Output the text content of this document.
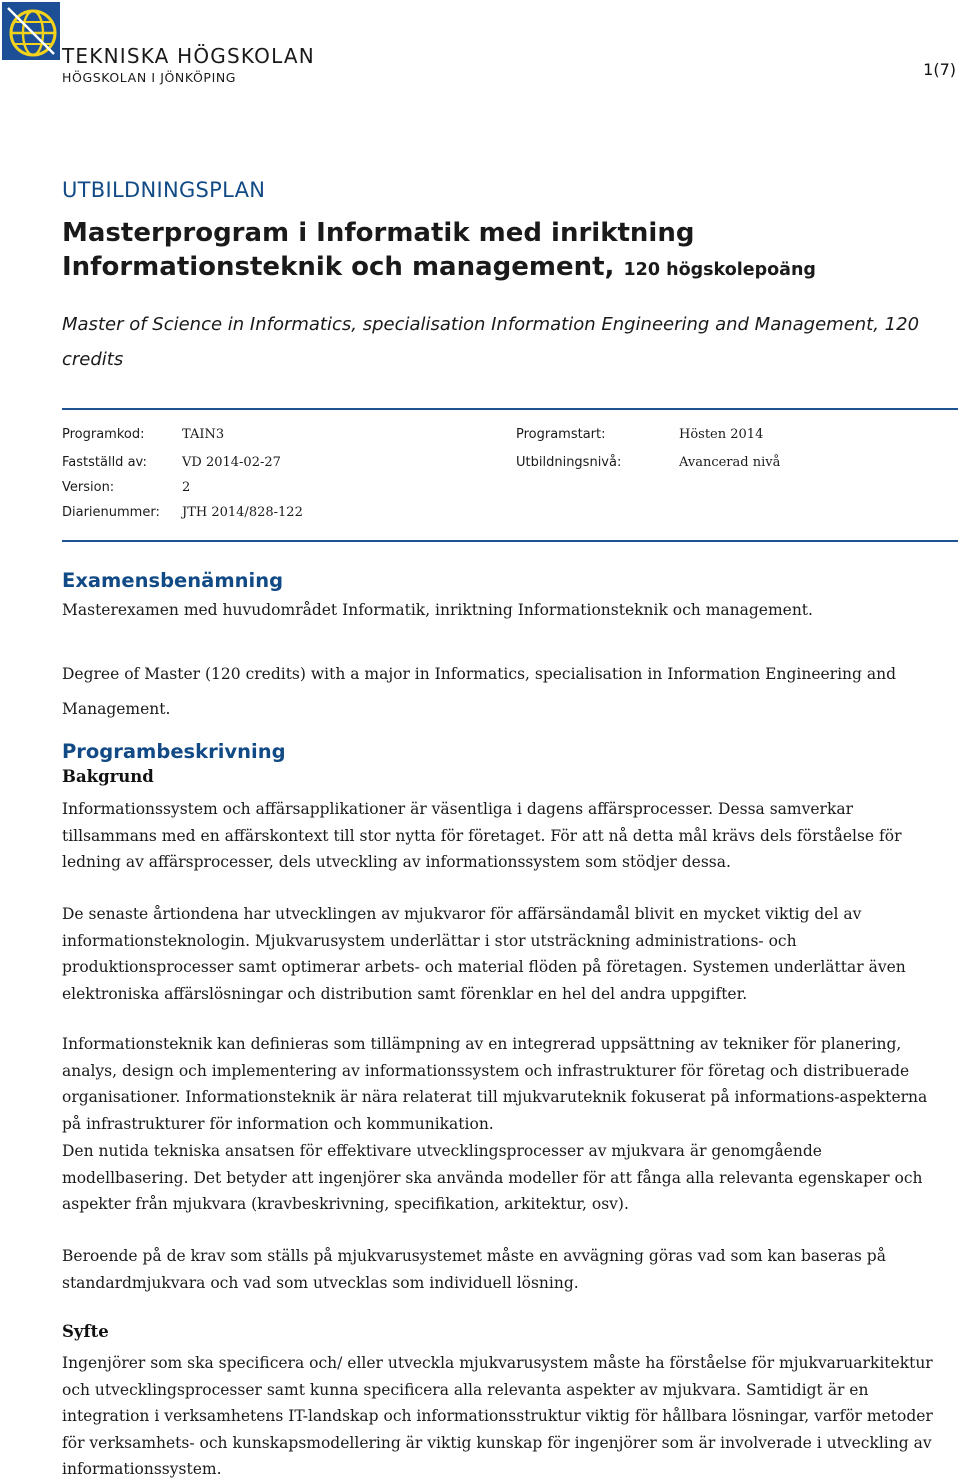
TEKNISKA HÖGSKOLAN
HÖGSKOLAN I JÖNKÖPING	1(7)
UTBILDNINGSPLAN
Masterprogram i Informatik med inriktning
Informationsteknik och management, 120 högskolepoäng
Master of Science in Informatics, specialisation Information Engineering and Management, 120 credits
Programkod:	TAIN3
Fastställd av:	VD 2014-02-27
Version:	2
Diarienummer: JTH 2014/828-122
Programstart:	Hösten 2014
Utbildningsnivå:	Avancerad nivå
Examensbenämning

Masterexamen med huvudområdet Informatik, inriktning Informationsteknik och management.

Degree of Master (120 credits) with a major in Informatics, specialisation in Information Engineering and Management.

Programbeskrivning
Bakgrund

Informationssystem och affärsapplikationer är väsentliga i dagens affärsprocesser. Dessa samverkar tillsammans med en affärskontext till stor nytta för företaget. För att nå detta mål krävs dels förståelse för ledning av affärsprocesser, dels utveckling av informationssystem som stödjer dessa.

De senaste årtiondena har utvecklingen av mjukvaror för affärsändamål blivit en mycket viktig del av informationsteknologin. Mjukvarusystem underlättar i stor utsträckning administrations- och produktionsprocesser samt optimerar arbets- och material flöden på företagen. Systemen underlättar även elektroniska affärslösningar och distribution samt förenklar en hel del andra uppgifter.

Informationsteknik kan definieras som tillämpning av en integrerad uppsättning av tekniker för planering, analys, design och implementering av informationssystem och infrastrukturer för företag och distribuerade organisationer. Informationsteknik är nära relaterat till mjukvaruteknik fokuserat på informations-aspekterna på infrastrukturer för information och kommunikation.

Den nutida tekniska ansatsen för effektivare utvecklingsprocesser av mjukvara är genomgående modellbasering. Det betyder att ingenjörer ska använda modeller för att fånga alla relevanta egenskaper och aspekter från mjukvara (kravbeskrivning, specifikation, arkitektur, osv).

Beroende på de krav som ställs på mjukvarusystemet måste en avvägning göras vad som kan baseras på standardmjukvara och vad som utvecklas som individuell lösning.

Syfte

Ingenjörer som ska specificera och/ eller utveckla mjukvarusystem måste ha förståelse för mjukvaruarkitektur och utvecklingsprocesser samt kunna specificera alla relevanta aspekter av mjukvara. Samtidigt är en integration i verksamhetens IT-landskap och informationsstruktur viktig för hållbara lösningar, varför metoder för verksamhets- och kunskapsmodellering är viktig kunskap för ingenjörer som är involverade i utveckling av informationssystem.
